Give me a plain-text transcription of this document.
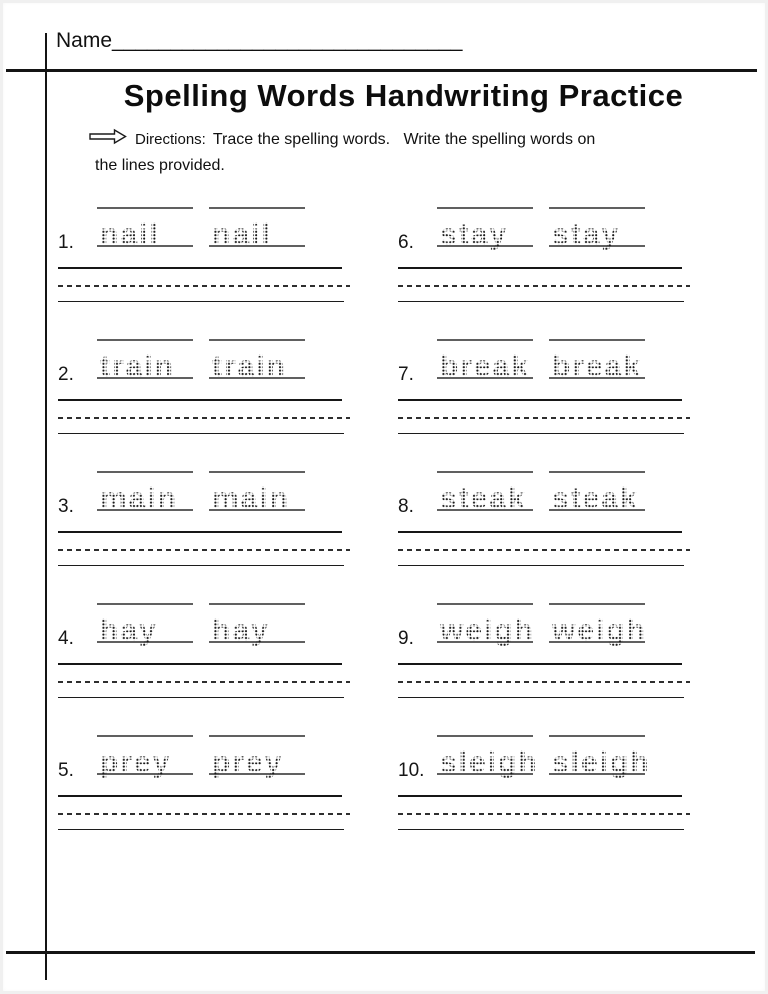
Name______________________________
Spelling Words Handwriting Practice
Directions: Trace the spelling words.   Write the spelling words on
the lines provided.
1. nail nail
2. train train
3. main main
4. hay hay
5. prey prey
6. stay stay
7. break break
8. steak steak
9. weigh weigh
10. sleigh sleigh
